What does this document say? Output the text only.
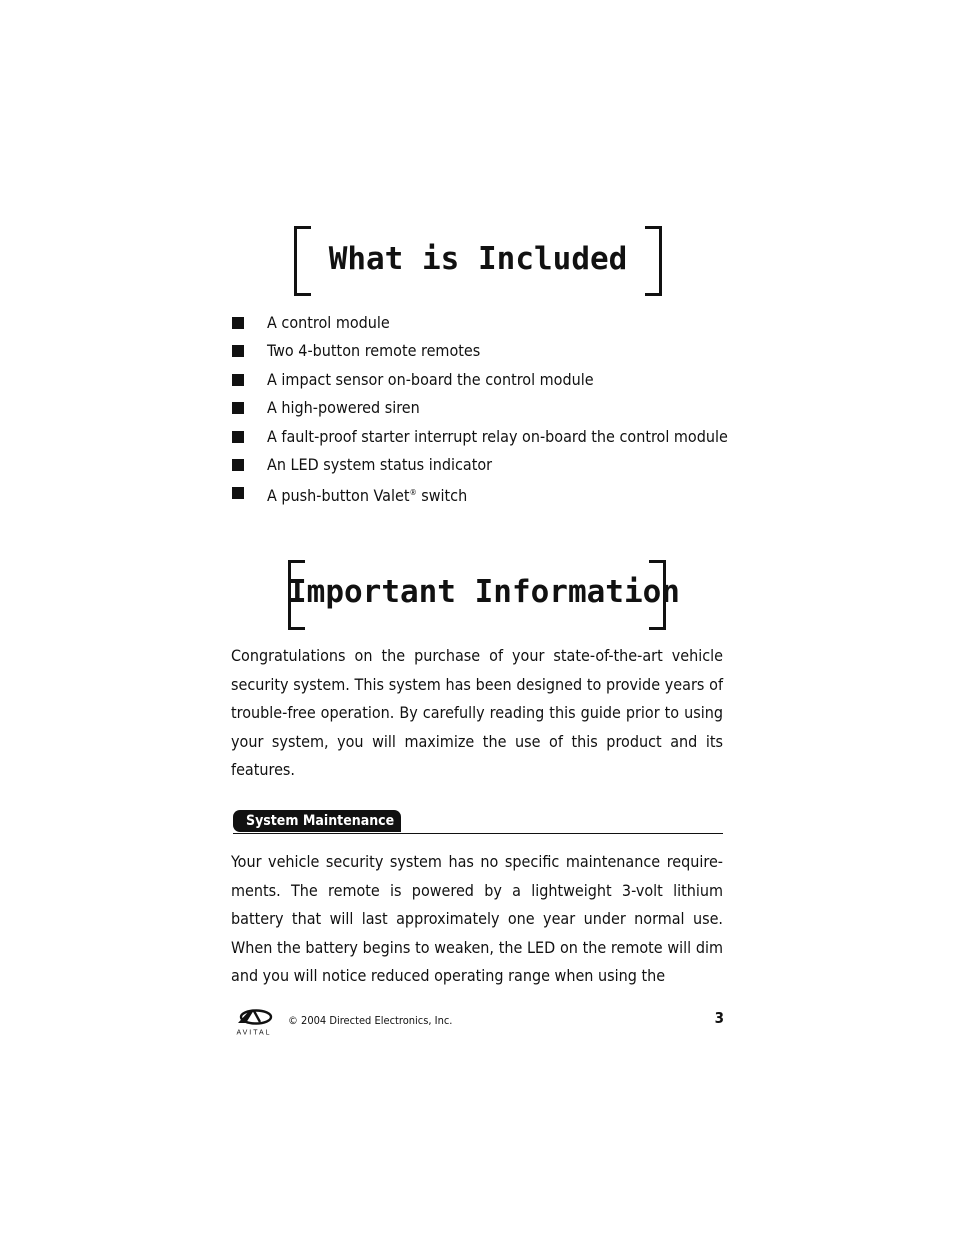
What is Included
A control module
Two 4-button remote remotes
A impact sensor on-board the control module
A high-powered siren
A fault-proof starter interrupt relay on-board the control module
An LED system status indicator
A push-button Valet® switch
Important Information

Congratulations on the purchase of your state-of-the-art vehicle security system. This system has been designed to provide years of trouble-free operation. By carefully reading this guide prior to using your system, you will maximize the use of this product and its features.

System Maintenance

Your vehicle security system has no specific maintenance require-ments. The remote is powered by a lightweight 3-volt lithium battery that will last approximately one year under normal use. When the battery begins to weaken, the LED on the remote will dim and you will notice reduced operating range when using the

AVITAL
© 2004 Directed Electronics, Inc.	3
